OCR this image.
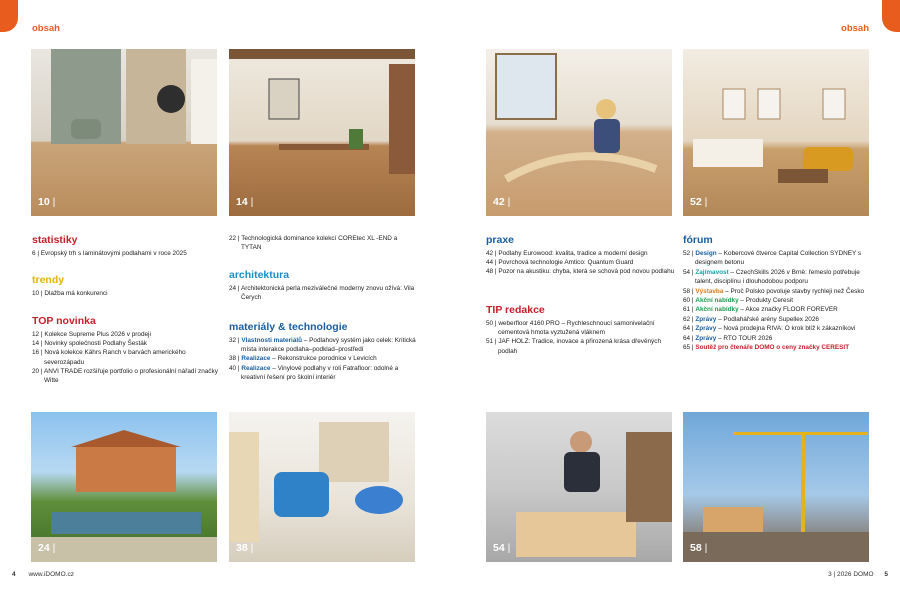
obsah	obsah
10 |	14 |	42 |	52 |
statistiky
6 | Evropský trh s laminátovými podlahami v roce 2025
trendy
10 | Dlažba má konkurenci
TOP novinka
12 | Kolekce Supreme Plus 2026 v prodeji
14 | Novinky společnosti Podlahy Šesták
16 | Nová kolekce Kährs Ranch v barvách amerického severozápadu
20 | ANVI TRADE rozšiřuje portfolio o profesionální nářadí značky Witte
22 | Technologická dominance kolekcí COREtec XL -END a TYTAN
architektura
24 | Architektonická perla meziválečné moderny znovu ožívá: Vila Čerych
materiály & technologie
32 | Vlastnosti materiálů – Podlahový systém jako celek: Kritická místa interakce podlaha–podklad–prostředí
38 | Realizace – Rekonstrukce porodnice v Levicích
40 | Realizace – Vinylové podlahy v roli Fatrafloor: odolné a kreativní řešení pro školní interiér
praxe
42 | Podlahy Eurowood: kvalita, tradice a moderní design
44 | Povrchová technologie Amtico: Quantum Guard
48 | Pozor na akustiku: chyba, která se schová pod novou podlahu
TIP redakce
50 | weberfloor 4160 PRO – Rychleschnoucí samonivelační cementová hmota vyztužená vláknem
51 | JAF HOLZ: Tradice, inovace a přirozená krása dřevěných podlah
fórum
52 | Design – Kobercové čtverce Capital Collection SYDNEY s designem betonu
54 | Zajímavost – CzechSkills 2026 v Brně: řemeslo potřebuje talent, disciplínu i dlouhodobou podporu
58 | Výstavba – Proč Polsko povoluje stavby rychleji než Česko
60 | Akční nabídky – Produkty Ceresit
61 | Akční nabídky – Akce značky FLOOR FOREVER
62 | Zprávy – Podlahářské arény Supellex 2026
64 | Zprávy – Nová prodejna RIVA: O krok blíž k zákazníkovi
64 | Zprávy – RTO TOUR 2026
65 | Soutěž pro čtenáře DOMO o ceny značky CERESIT
24 |	38 |	54 |	58 |
4 www.iDOMO.cz	3 | 2026 DOMO 5
